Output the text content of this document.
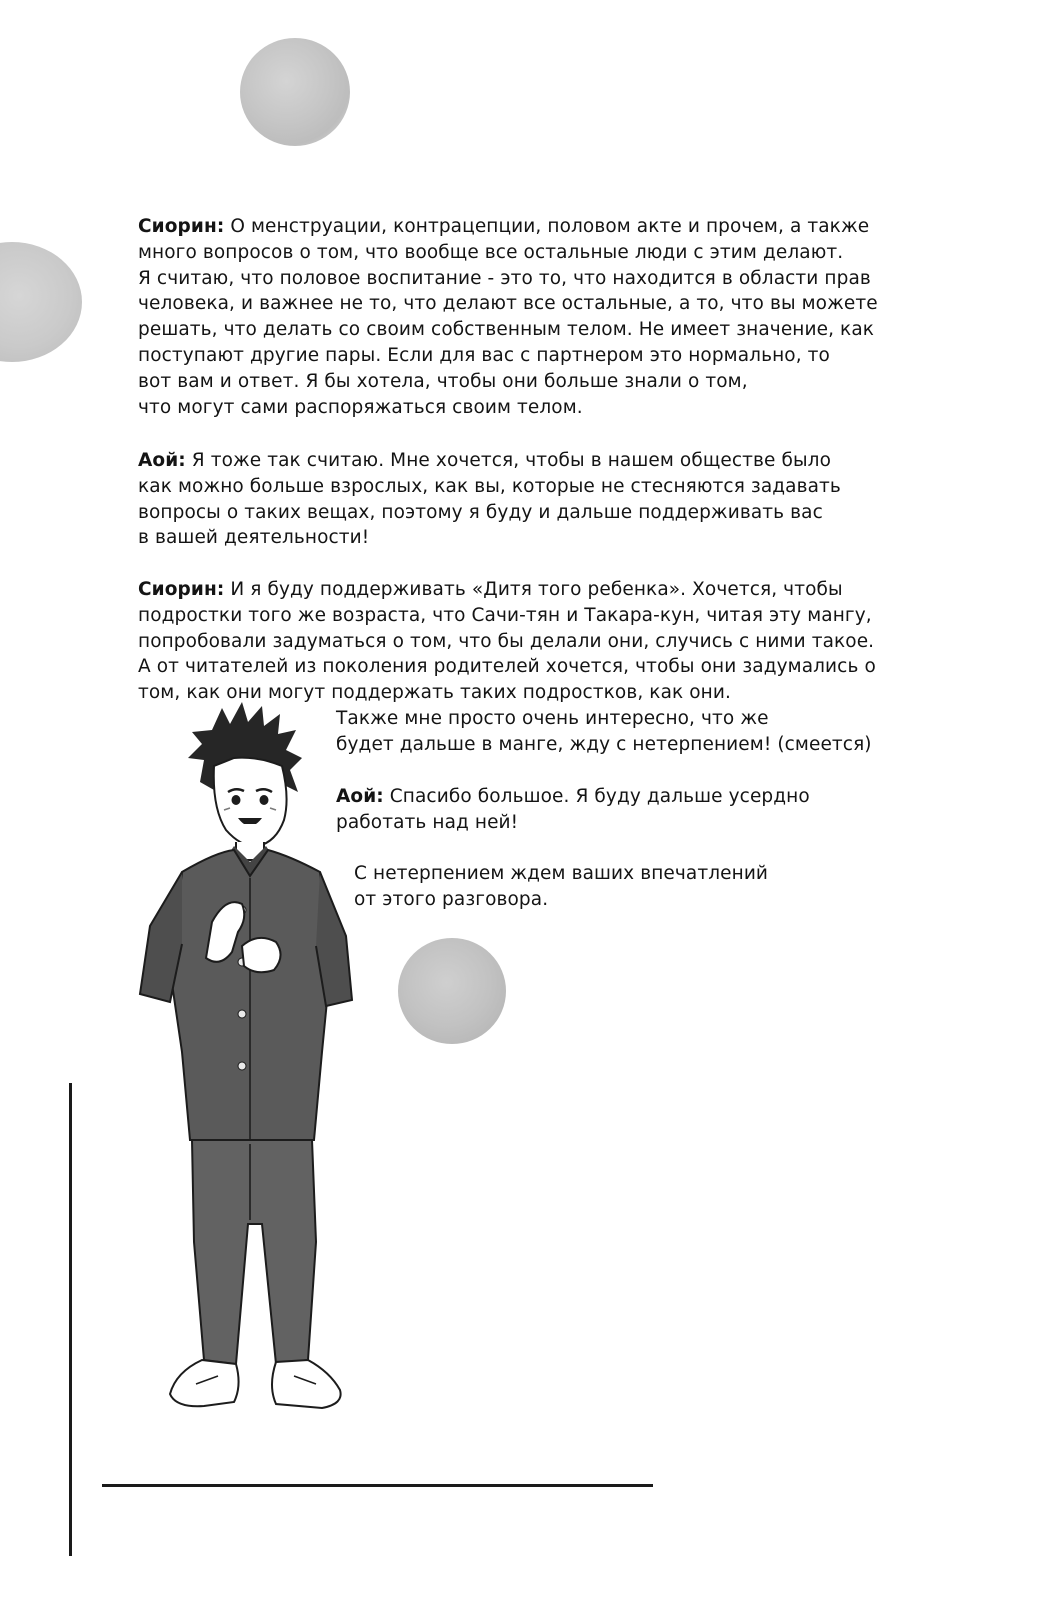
Сиорин: О менструации, контрацепции, половом акте и прочем, а также
много вопросов о том, что вообще все остальные люди с этим делают.
Я считаю, что половое воспитание - это то, что находится в области прав
человека, и важнее не то, что делают все остальные, а то, что вы можете
решать, что делать со своим собственным телом. Не имеет значение, как
поступают другие пары. Если для вас с партнером это нормально, то
вот вам и ответ. Я бы хотела, чтобы они больше знали о том,
что могут сами распоряжаться своим телом.
Аой: Я тоже так считаю. Мне хочется, чтобы в нашем обществе было
как можно больше взрослых, как вы, которые не стесняются задавать
вопросы о таких вещах, поэтому я буду и дальше поддерживать вас
в вашей деятельности!
Сиорин: И я буду поддерживать «Дитя того ребенка». Хочется, чтобы
подростки того же возраста, что Сачи-тян и Такара-кун, читая эту мангу,
попробовали задуматься о том, что бы делали они, случись с ними такое.
А от читателей из поколения родителей хочется, чтобы они задумались о
том, как они могут поддержать таких подростков, как они.
Также мне просто очень интересно, что же
будет дальше в манге, жду с нетерпением! (смеется)
Аой: Спасибо большое. Я буду дальше усердно
работать над ней!
С нетерпением ждем ваших впечатлений
от этого разговора.
